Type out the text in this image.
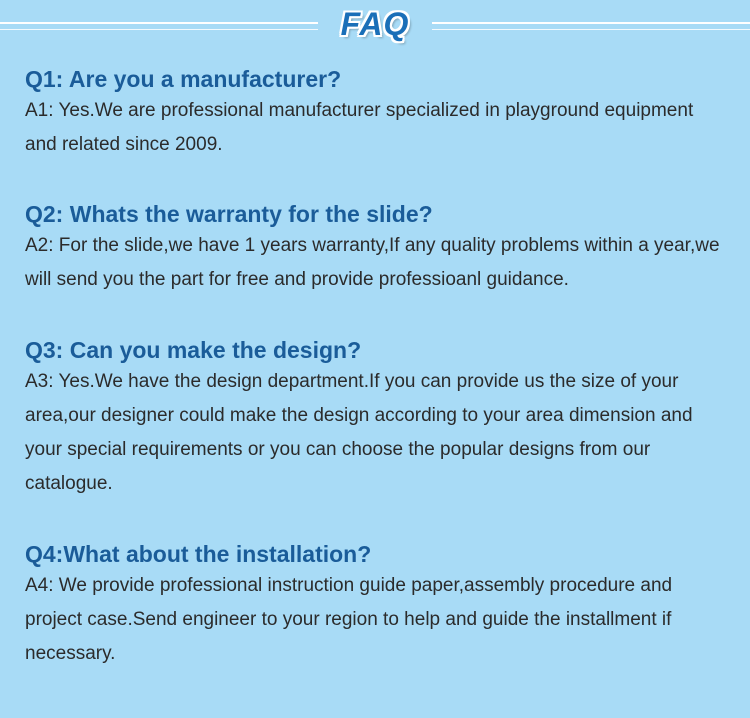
FAQ

Q1: Are you a manufacturer?

A1: Yes.We are professional manufacturer specialized in playground equipment and related since 2009.

Q2: Whats the warranty for the slide?

A2: For the slide,we have 1 years warranty,If any quality problems within a year,we will send you the part for free and provide professioanl guidance.

Q3: Can you make the design?

A3: Yes.We have the design department.If you can provide us the size of your area,our designer could make the design according to your area dimension and your special requirements or you can choose the popular designs from our catalogue.

Q4:What about the installation?

A4: We provide professional instruction guide paper,assembly procedure and project case.Send engineer to your region to help and guide the installment if necessary.
